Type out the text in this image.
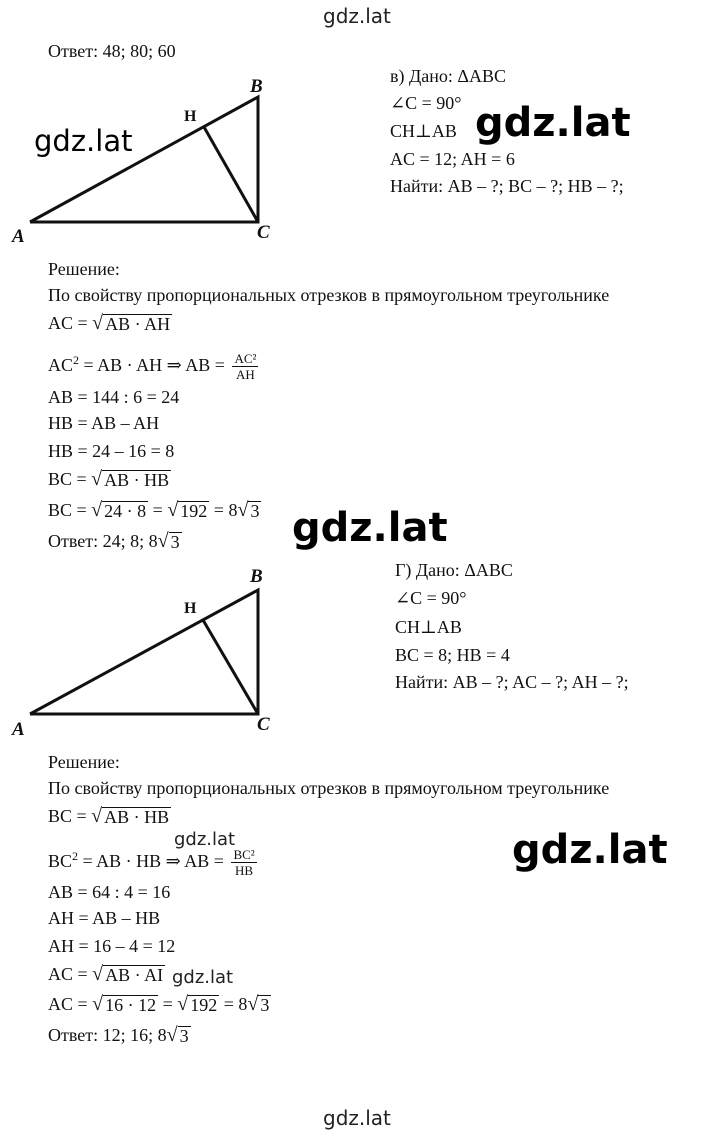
gdz.lat
Ответ: 48; 80; 60
A
B
C
H
gdz.lat
в) Дано: ΔABC
∠C = 90°
CH⊥AB
AC = 12; AH = 6
Найти: AB – ?; BC – ?; HB – ?;
gdz.lat
Решение:
По свойству пропорциональных отрезков в прямоугольном треугольнике
AC = √ AB · AH
$AC^2$ = AB · AH ⇒ AB = $\frac{\text{AC²}}{AH}$
AB = 144 : 6 = 24
HB = AB – AH
HB = 24 – 16 = 8
BC = √ AB · HB
BC = √ 24 · 8 = √ 192 = 8 √ 3
Ответ: 24; 8; 8 √ 3	gdz.lat
A
B
C
H
Г) Дано: ΔABC
∠C = 90°
CH⊥AB
BC = 8; HB = 4
Найти: AB – ?; AC – ?; AH – ?;
Решение:
По свойству пропорциональных отрезков в прямоугольном треугольнике
BC = √ AB · HB
$BC^2$ = AB · HB ⇒ AB = $\frac{\text{BC²}}{HB}$
gdz.lat
AB = 64 : 4 = 16
AH = AB – HB
AH = 16 – 4 = 12
AC = √ AB · AI gdz.lat
AC = √ 16 · 12 = √ 192 = 8 √ 3
Ответ: 12; 16; 8 √ 3
gdz.lat
gdz.lat
